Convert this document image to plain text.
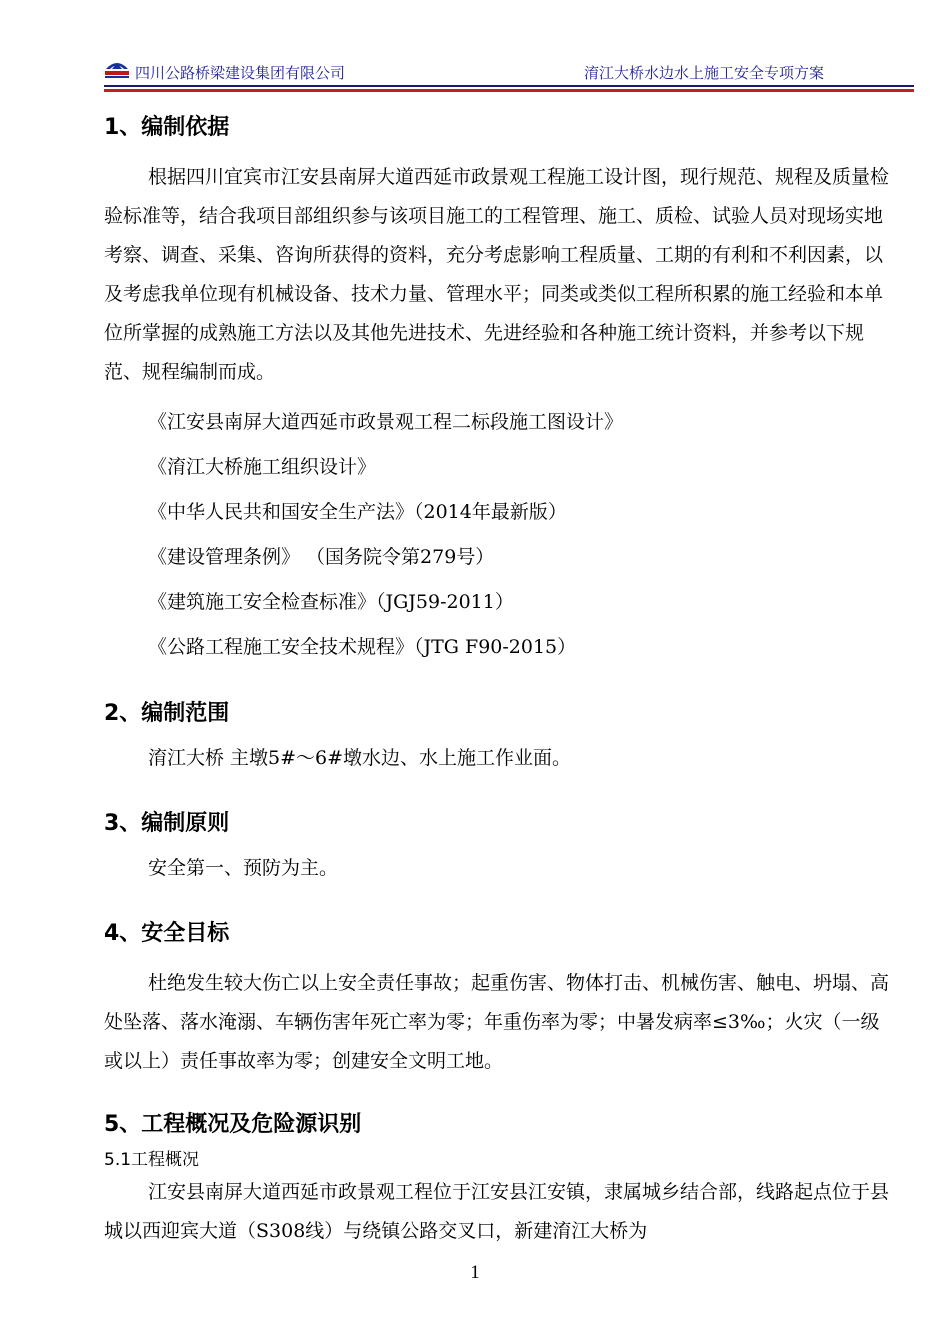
四川公路桥梁建设集团有限公司	淯江大桥水边水上施工安全专项方案
1、编制依据

根据四川宜宾市江安县南屏大道西延市政景观工程施工设计图，现行规范、规程及质量检验标准等，结合我项目部组织参与该项目施工的工程管理、施工、质检、试验人员对现场实地考察、调查、采集、咨询所获得的资料，充分考虑影响工程质量、工期的有利和不利因素，以及考虑我单位现有机械设备、技术力量、管理水平；同类或类似工程所积累的施工经验和本单位所掌握的成熟施工方法以及其他先进技术、先进经验和各种施工统计资料，并参考以下规范、规程编制而成。

《江安县南屏大道西延市政景观工程二标段施工图设计》

《淯江大桥施工组织设计》

《中华人民共和国安全生产法》（2014年最新版）

《建设管理条例》 （国务院令第279号）

《建筑施工安全检查标准》（JGJ59-2011）

《公路工程施工安全技术规程》（JTG F90-2015）

2、编制范围

淯江大桥 主墩5#～6#墩水边、水上施工作业面。

3、编制原则

安全第一、预防为主。

4、安全目标

杜绝发生较大伤亡以上安全责任事故；起重伤害、物体打击、机械伤害、触电、坍塌、高处坠落、落水淹溺、车辆伤害年死亡率为零；年重伤率为零；中暑发病率≤3‰；火灾（一级或以上）责任事故率为零；创建安全文明工地。

5、工程概况及危险源识别
5.1工程概况

江安县南屏大道西延市政景观工程位于江安县江安镇，隶属城乡结合部，线路起点位于县城以西迎宾大道（S308线）与绕镇公路交叉口，新建淯江大桥为

1
